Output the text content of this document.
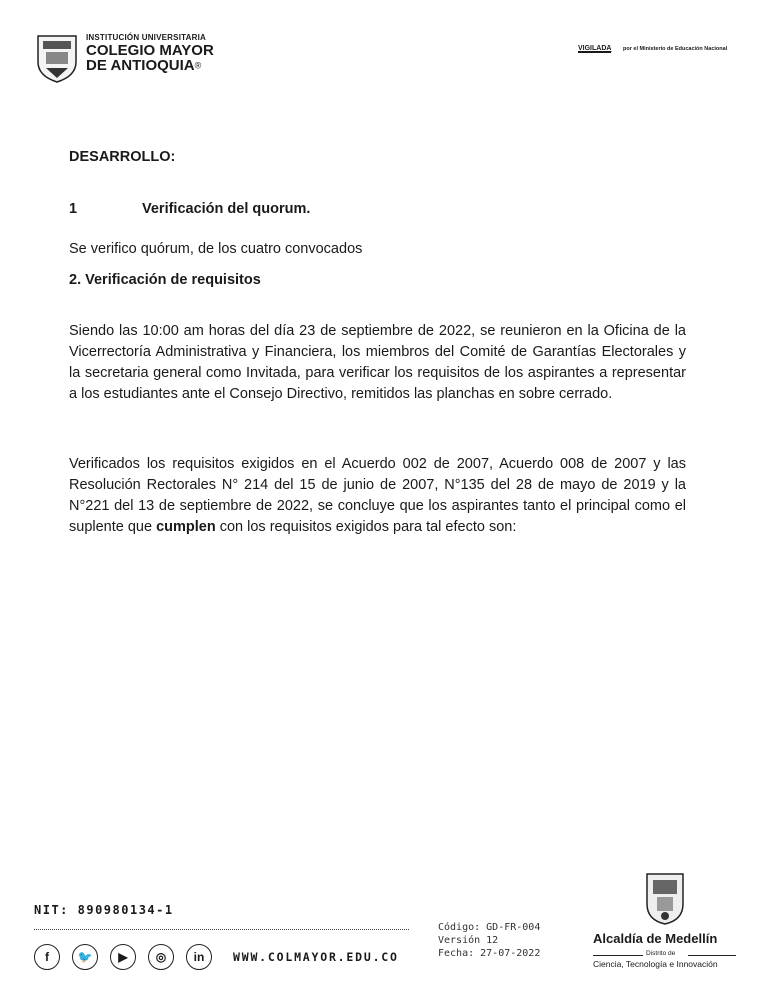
INSTITUCIÓN UNIVERSITARIA
COLEGIO MAYOR
DE ANTIOQUIA®
VIGILADA por el Ministerio de Educación Nacional
DESARROLLO:
1	Verificación del quorum.
Se verifico quórum, de los cuatro convocados
2. Verificación de requisitos
Siendo las 10:00 am horas del día 23 de septiembre de 2022, se reunieron en la Oficina de la Vicerrectoría Administrativa y Financiera, los miembros del Comité de Garantías Electorales y la secretaria general como Invitada, para verificar los requisitos de los aspirantes a representar a los estudiantes ante el Consejo Directivo, remitidos las planchas en sobre cerrado.
Verificados los requisitos exigidos en el Acuerdo 002 de 2007, Acuerdo 008 de 2007 y las Resolución Rectorales N° 214 del 15 de junio de 2007, N°135 del 28 de mayo de 2019 y la N°221 del 13 de septiembre de 2022, se concluye que los aspirantes tanto el principal como el suplente que cumplen con los requisitos exigidos para tal efecto son:
NIT: 890980134-1
f	🐦	▶	◎	in	WWW.COLMAYOR.EDU.CO
Código: GD-FR-004
Versión 12
Fecha: 27-07-2022
Alcaldía de Medellín
Distrito de
Ciencia, Tecnología e Innovación
